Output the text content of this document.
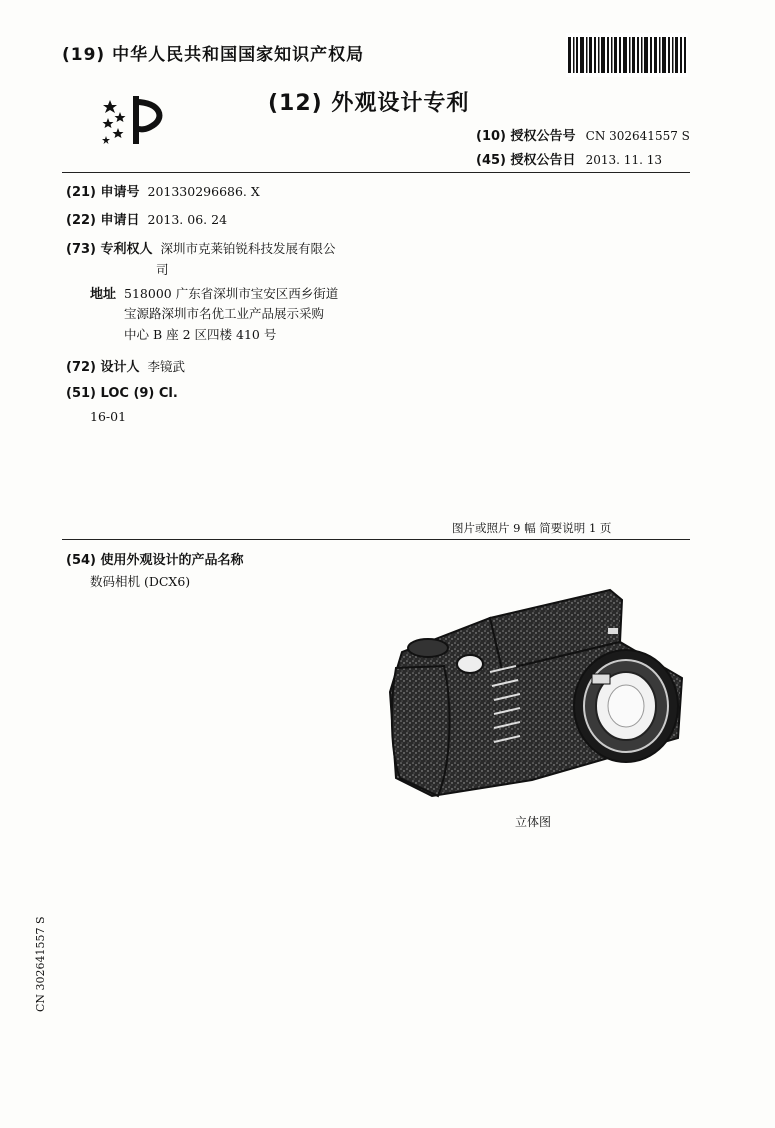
(19) 中华人民共和国国家知识产权局
(12) 外观设计专利
(10) 授权公告号 CN 302641557 S
(45) 授权公告日 2013. 11. 13
(21) 申请号 201330296686. X
(22) 申请日 2013. 06. 24
(73) 专利权人 深圳市克莱铂锐科技发展有限公
司
地址 518000 广东省深圳市宝安区西乡街道
宝源路深圳市名优工业产品展示采购
中心 B 座 2 区四楼 410 号
(72) 设计人 李镜武
(51) LOC (9) Cl.
16-01
图片或照片 9 幅 简要说明 1 页
(54) 使用外观设计的产品名称
数码相机 (DCX6)
立体图
CN 302641557 S
